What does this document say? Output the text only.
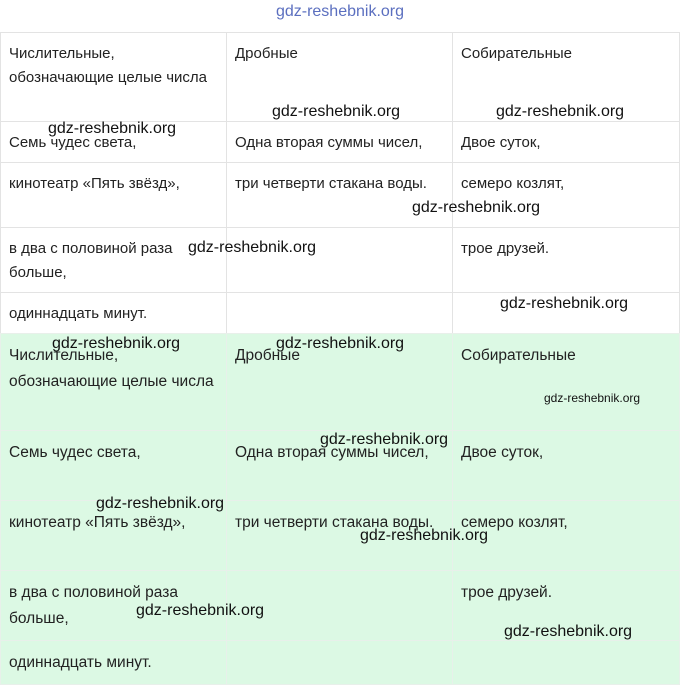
gdz-reshebnik.org
Числительные, обозначающие целые числа	Дробные	Собирательные
Семь чудес света,	Одна вторая суммы чисел,	Двое суток,
кинотеатр «Пять звёзд»,	три четверти стакана воды.	семеро козлят,
в два с половиной раза больше,		трое друзей.
одиннадцать минут.		
Числительные, обозначающие целые числа	Дробные	Собирательные
Семь чудес света,	Одна вторая суммы чисел,	Двое суток,
кинотеатр «Пять звёзд»,	три четверти стакана воды.	семеро козлят,
в два с половиной раза больше,		трое друзей.
одиннадцать минут.		
gdz-reshebnik.org	gdz-reshebnik.org
gdz-reshebnik.org
gdz-reshebnik.org
gdz-reshebnik.org
gdz-reshebnik.org
gdz-reshebnik.org	gdz-reshebnik.org
gdz-reshebnik.org
gdz-reshebnik.org
gdz-reshebnik.org
gdz-reshebnik.org
gdz-reshebnik.org
gdz-reshebnik.org
